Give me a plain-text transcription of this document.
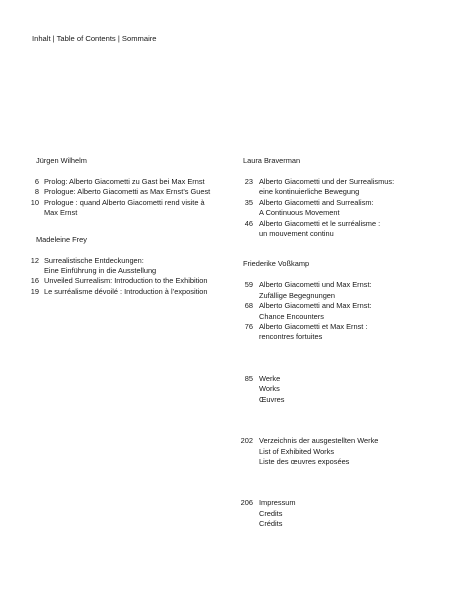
Inhalt | Table of Contents | Sommaire
Jürgen Wilhelm
6 Prolog: Alberto Giacometti zu Gast bei Max Ernst
8 Prologue: Alberto Giacometti as Max Ernst’s Guest
10 Prologue : quand Alberto Giacometti rend visite à
Max Ernst
Madeleine Frey
12 Surrealistische Entdeckungen:
Eine Einführung in die Ausstellung
16 Unveiled Surrealism: Introduction to the Exhibition
19 Le surréalisme dévoilé : Introduction à l’exposition
Laura Braverman
23 Alberto Giacometti und der Surrealismus:
eine kontinuierliche Bewegung
35 Alberto Giacometti and Surrealism:
A Continuous Movement
46 Alberto Giacometti et le surréalisme :
un mouvement continu
Friederike Voßkamp
59 Alberto Giacometti und Max Ernst:
Zufällige Begegnungen
68 Alberto Giacometti and Max Ernst:
Chance Encounters
76 Alberto Giacometti et Max Ernst :
rencontres fortuites
85 Werke
Works
Œuvres
202 Verzeichnis der ausgestellten Werke
List of Exhibited Works
Liste des œuvres exposées
206 Impressum
Credits
Crédits
